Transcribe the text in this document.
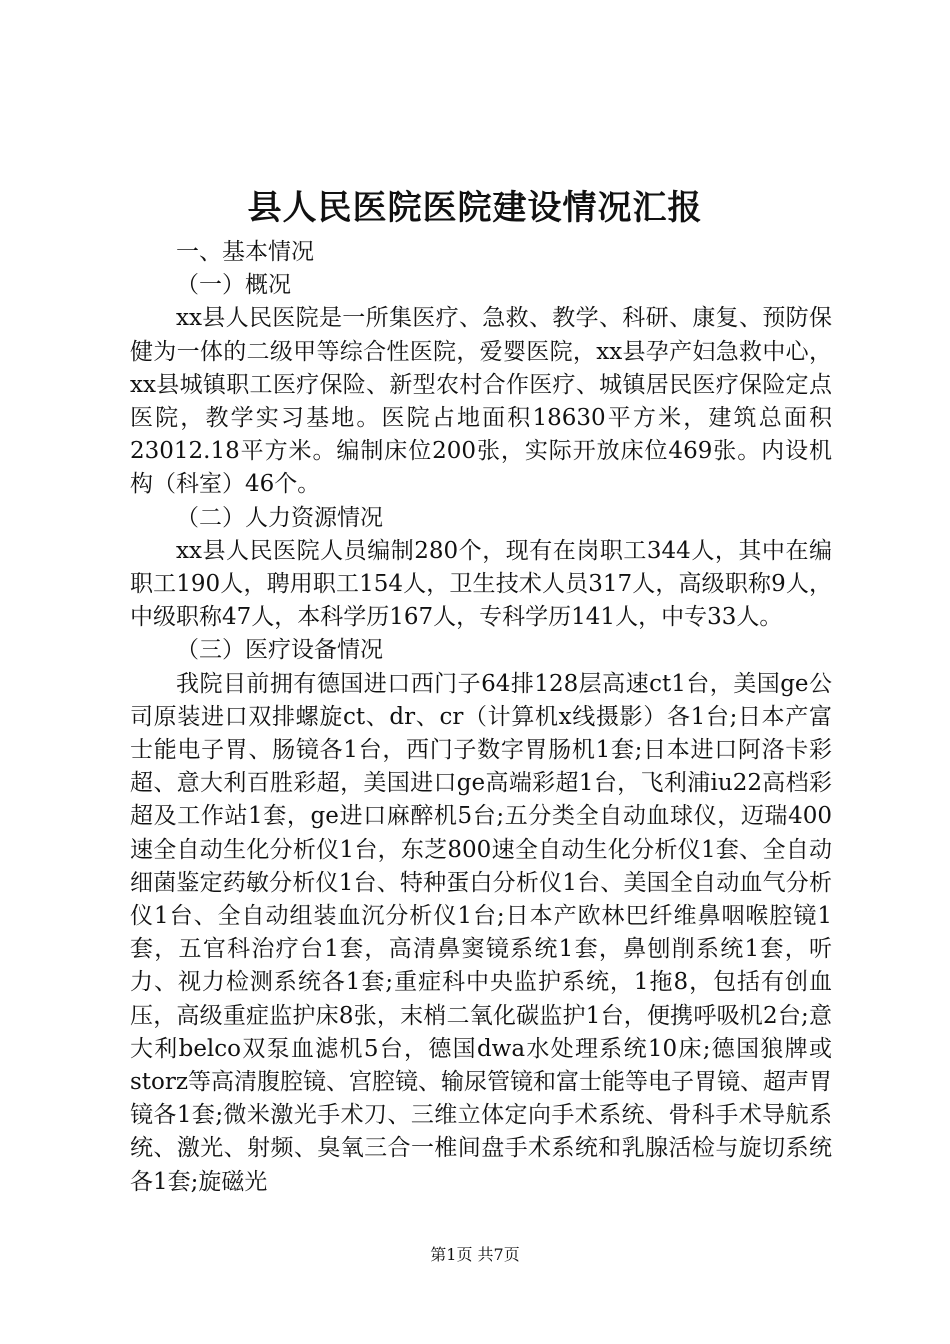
县人民医院医院建设情况汇报

一、基本情况

（一）概况

xx县人民医院是一所集医疗、急救、教学、科研、康复、预防保健为一体的二级甲等综合性医院，爱婴医院，xx县孕产妇急救中心，xx县城镇职工医疗保险、新型农村合作医疗、城镇居民医疗保险定点医院，教学实习基地。医院占地面积18630平方米，建筑总面积23012.18平方米。编制床位200张，实际开放床位469张。内设机构（科室）46个。

（二）人力资源情况

xx县人民医院人员编制280个，现有在岗职工344人，其中在编职工190人，聘用职工154人，卫生技术人员317人，高级职称9人，中级职称47人，本科学历167人，专科学历141人，中专33人。

（三）医疗设备情况

我院目前拥有德国进口西门子64排128层高速ct1台，美国ge公司原装进口双排螺旋ct、dr、cr（计算机x线摄影）各1台;日本产富士能电子胃、肠镜各1台，西门子数字胃肠机1套;日本进口阿洛卡彩超、意大利百胜彩超，美国进口ge高端彩超1台，飞利浦iu22高档彩超及工作站1套，ge进口麻醉机5台;五分类全自动血球仪，迈瑞400速全自动生化分析仪1台，东芝800速全自动生化分析仪1套、全自动细菌鉴定药敏分析仪1台、特种蛋白分析仪1台、美国全自动血气分析仪1台、全自动组装血沉分析仪1台;日本产欧林巴纤维鼻咽喉腔镜1套，五官科治疗台1套，高清鼻窦镜系统1套，鼻刨削系统1套，听力、视力检测系统各1套;重症科中央监护系统，1拖8，包括有创血压，高级重症监护床8张，末梢二氧化碳监护1台，便携呼吸机2台;意大利belco双泵血滤机5台，德国dwa水处理系统10床;德国狼牌或storz等高清腹腔镜、宫腔镜、输尿管镜和富士能等电子胃镜、超声胃镜各1套;微米激光手术刀、三维立体定向手术系统、骨科手术导航系统、激光、射频、臭氧三合一椎间盘手术系统和乳腺活检与旋切系统各1套;旋磁光

第1页 共7页
